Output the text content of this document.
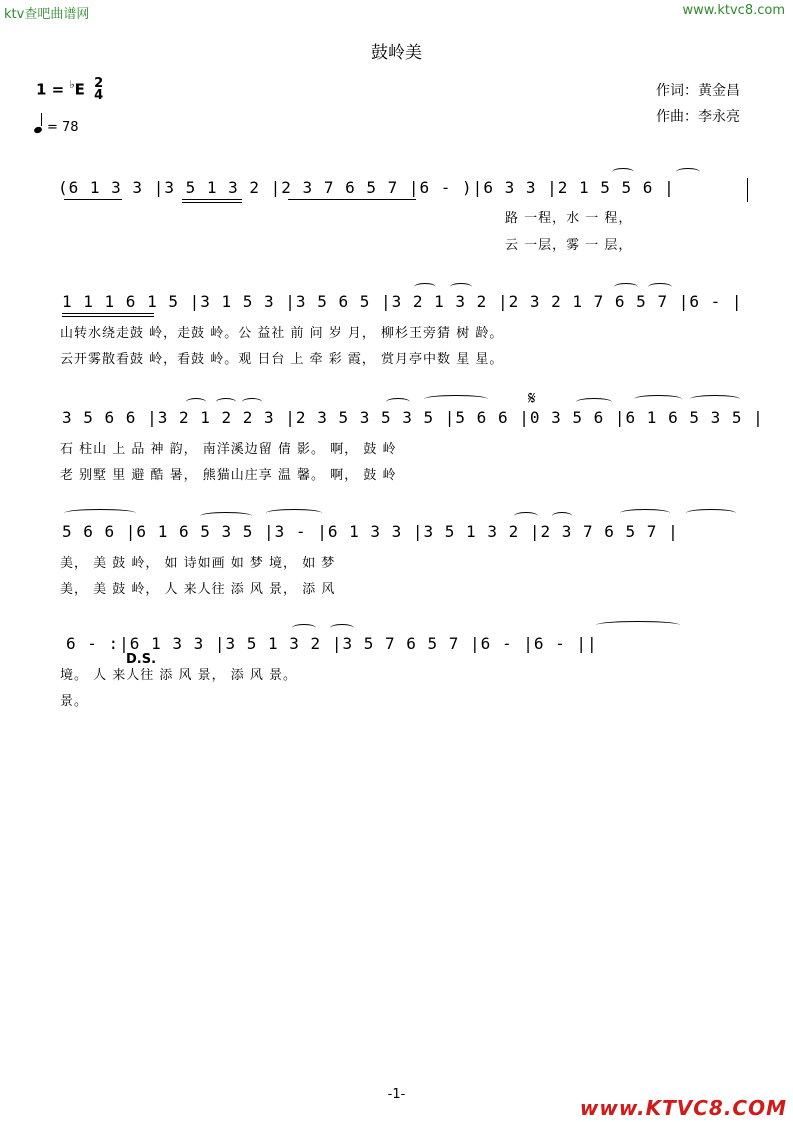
ktv查吧曲谱网	www.ktvc8.com
鼓岭美
1 = ♭E 2
4
= 78
作词：黄金昌
作曲：李永亮
(6 1 3 3 |3 5 1 3 2 |2 3 7 6 5 7 |6 - )|6 3 3 |2 1 5 5 6 |
路 一程，水 一 程，
云 一层，雾 一 层，
1 1 1 6 1 5 |3 1 5 3 |3 5 6 5 |3 2 1 3 2 |2 3 2 1 7 6 5 7 |6 - |
山转水绕走鼓 岭，走鼓 岭。公 益社 前 问 岁 月， 柳杉王旁猜 树 龄。
云开雾散看鼓 岭，看鼓 岭。观 日台 上 牵 彩 霞， 赏月亭中数 星 星。
3 5 6 6 |3 2 1 2 2 3 |2 3 5 3 5 3 5 |5 6 6 |0 3 5 6 |6 1 6 5 3 5 |
石 柱山 上 品 神 韵， 南洋溪边留 倩 影。 啊， 鼓 岭
老 别墅 里 避 酷 暑， 熊猫山庄享 温 馨。 啊， 鼓 岭
𝄋
5 6 6 |6 1 6 5 3 5 |3 - |6 1 3 3 |3 5 1 3 2 |2 3 7 6 5 7 |
美， 美 鼓 岭， 如 诗如画 如 梦 境， 如 梦
美， 美 鼓 岭， 人 来人往 添 风 景， 添 风
6 - :|6 1 3 3 |3 5 1 3 2 |3 5 7 6 5 7 |6 - |6 - ||
境。 人 来人往 添 风 景， 添 风 景。
景。
D.S.
-1-
www.KTVC8.COM
